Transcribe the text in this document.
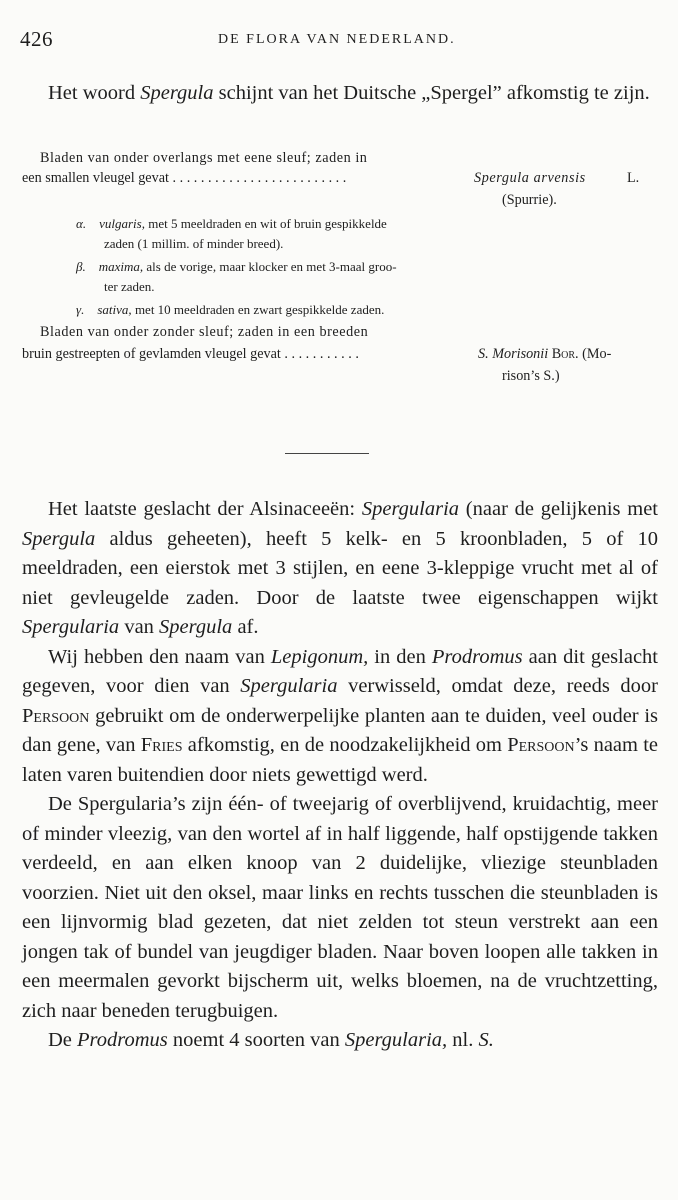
426	DE FLORA VAN NEDERLAND.

Het woord Spergula schijnt van het Duitsche „Spergel” afkomstig te zijn.

Bladen van onder overlangs met eene sleuf; zaden in
een smallen vleugel gevat . . . . . . . . . . . . . . . . . . . . . . . . .	Spergula arvensis	L.
(Spurrie).
α. vulgaris, met 5 meeldraden en wit of bruin gespikkelde
zaden (1 millim. of minder breed).
β. maxima, als de vorige, maar klocker en met 3-maal groo-
ter zaden.
γ. sativa, met 10 meeldraden en zwart gespikkelde zaden.
Bladen van onder zonder sleuf; zaden in een breeden
bruin gestreepten of gevlamden vleugel gevat . . . . . . . . . . .	S. Morisonii Bor. (Mo-
rison’s S.)

Het laatste geslacht der Alsinaceeën: Spergularia (naar de gelijkenis met Spergula aldus geheeten), heeft 5 kelk- en 5 kroonbladen, 5 of 10 meeldraden, een eierstok met 3 stijlen, en eene 3-kleppige vrucht met al of niet gevleugelde zaden. Door de laatste twee eigenschappen wijkt Spergularia van Spergula af.

Wij hebben den naam van Lepigonum, in den Prodromus aan dit geslacht gegeven, voor dien van Spergularia verwisseld, omdat deze, reeds door Persoon gebruikt om de onderwerpelijke planten aan te duiden, veel ouder is dan gene, van Fries afkomstig, en de noodzakelijkheid om Persoon’s naam te laten varen buitendien door niets gewettigd werd.

De Spergularia’s zijn één- of tweejarig of overblijvend, kruidachtig, meer of minder vleezig, van den wortel af in half liggende, half opstijgende takken verdeeld, en aan elken knoop van 2 duidelijke, vliezige steunbladen voorzien. Niet uit den oksel, maar links en rechts tusschen die steunbladen is een lijnvormig blad gezeten, dat niet zelden tot steun verstrekt aan een jongen tak of bundel van jeugdiger bladen. Naar boven loopen alle takken in een meermalen gevorkt bijscherm uit, welks bloemen, na de vruchtzetting, zich naar beneden terugbuigen.

De Prodromus noemt 4 soorten van Spergularia, nl. S.
